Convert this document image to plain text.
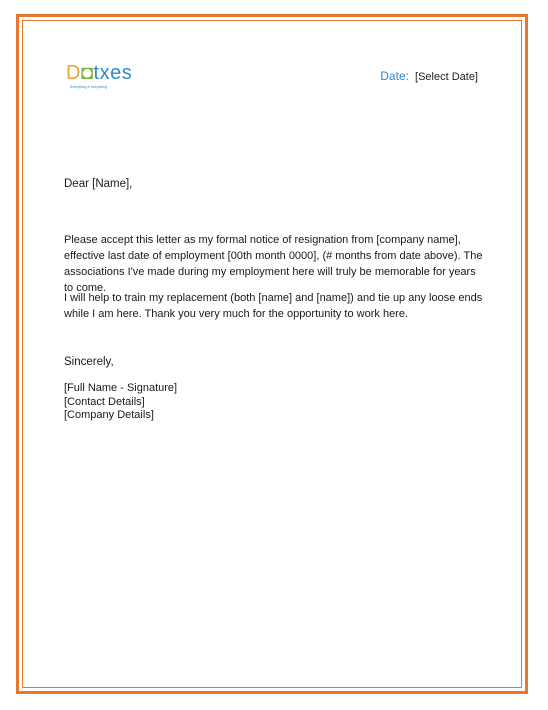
D◘txes
Everything & everything
Date: [Select Date]
Dear [Name],

Please accept this letter as my formal notice of resignation from [company name], effective last date of employment [00th month 0000], (# months from date above). The associations I've made during my employment here will truly be memorable for years to come.

I will help to train my replacement (both [name] and [name]) and tie up any loose ends while I am here. Thank you very much for the opportunity to work here.

Sincerely,
[Full Name - Signature]
[Contact Details]
[Company Details]
